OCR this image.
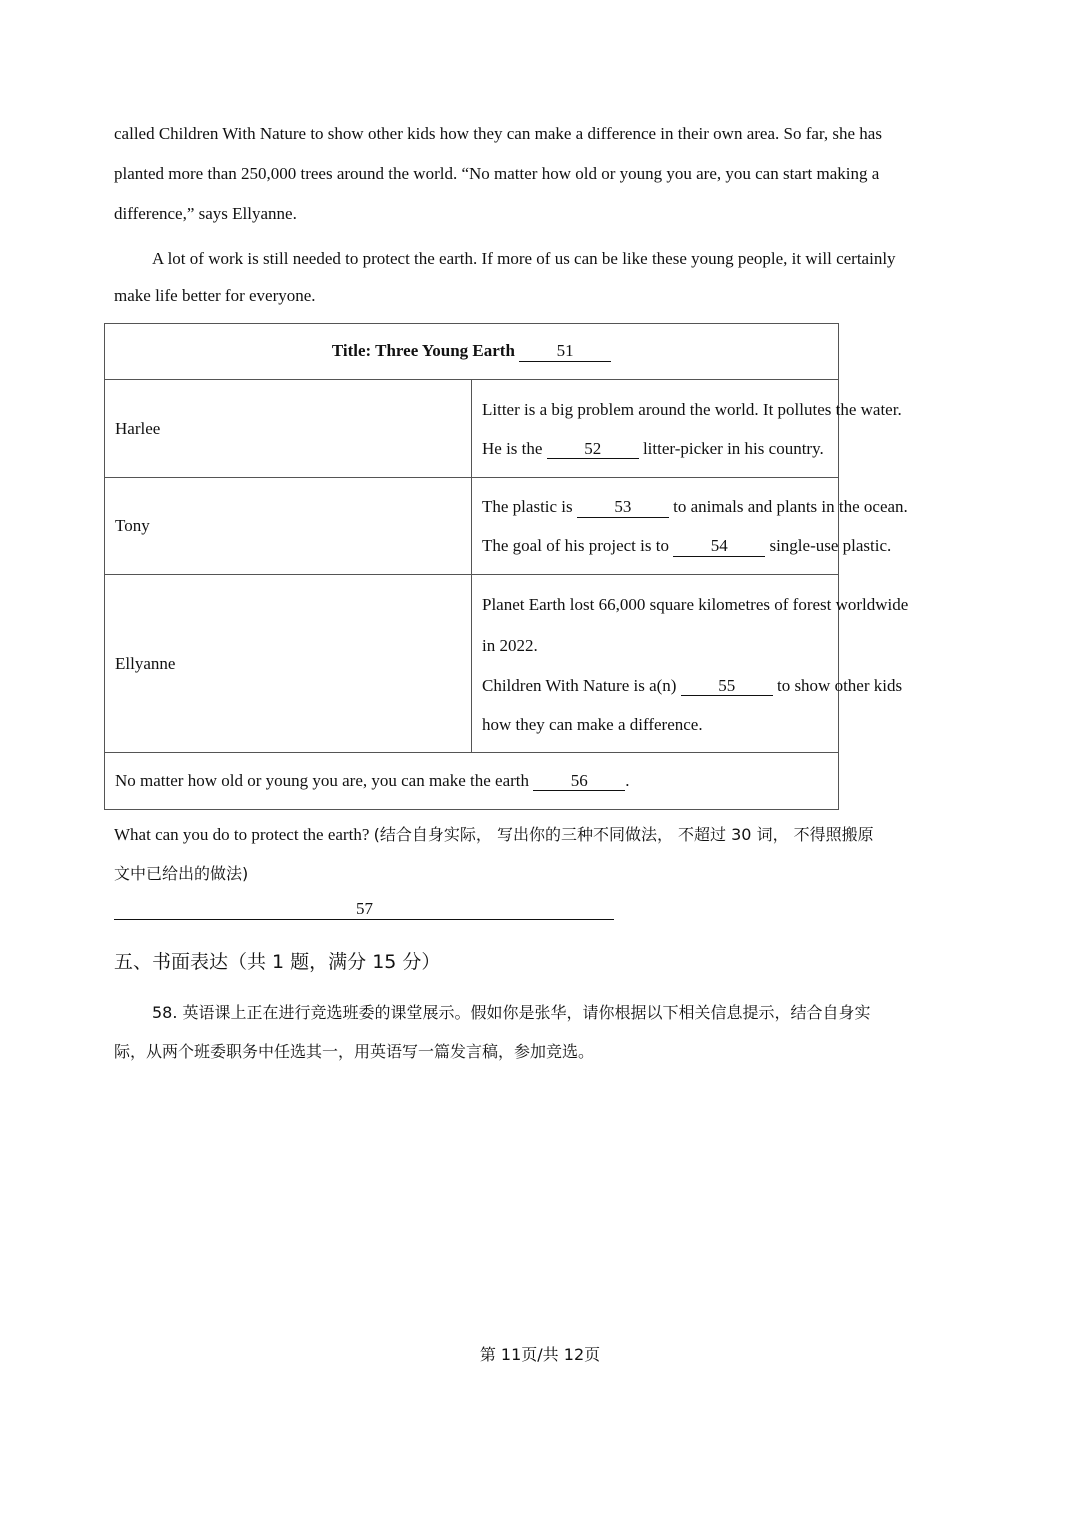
called Children With Nature to show other kids how they can make a difference in their own area. So far, she has
planted more than 250,000 trees around the world. “No matter how old or young you are, you can start making a
difference,” says Ellyanne.
A lot of work is still needed to protect the earth. If more of us can be like these young people, it will certainly
make life better for everyone.
Title: Three Young Earth 51	
Harlee	Litter is a big problem around the world. It pollutes the water.

He is the 52 litter-picker in his country.

Tony	The plastic is 53 to animals and plants in the ocean.

The goal of his project is to 54 single-use plastic.

Ellyanne	Planet Earth lost 66,000 square kilometres of forest worldwide

in 2022.

Children With Nature is a(n) 55 to show other kids

how they can make a difference.

No matter how old or young you are, you can make the earth 56 .	
What can you do to protect the earth? (结合自身实际， 写出你的三种不同做法， 不超过 30 词， 不得照搬原
文中已给出的做法)
57
五、书面表达（共 1 题，满分 15 分）
58. 英语课上正在进行竞选班委的课堂展示。假如你是张华，请你根据以下相关信息提示，结合自身实
际，从两个班委职务中任选其一，用英语写一篇发言稿，参加竞选。
第 11页/共 12页
